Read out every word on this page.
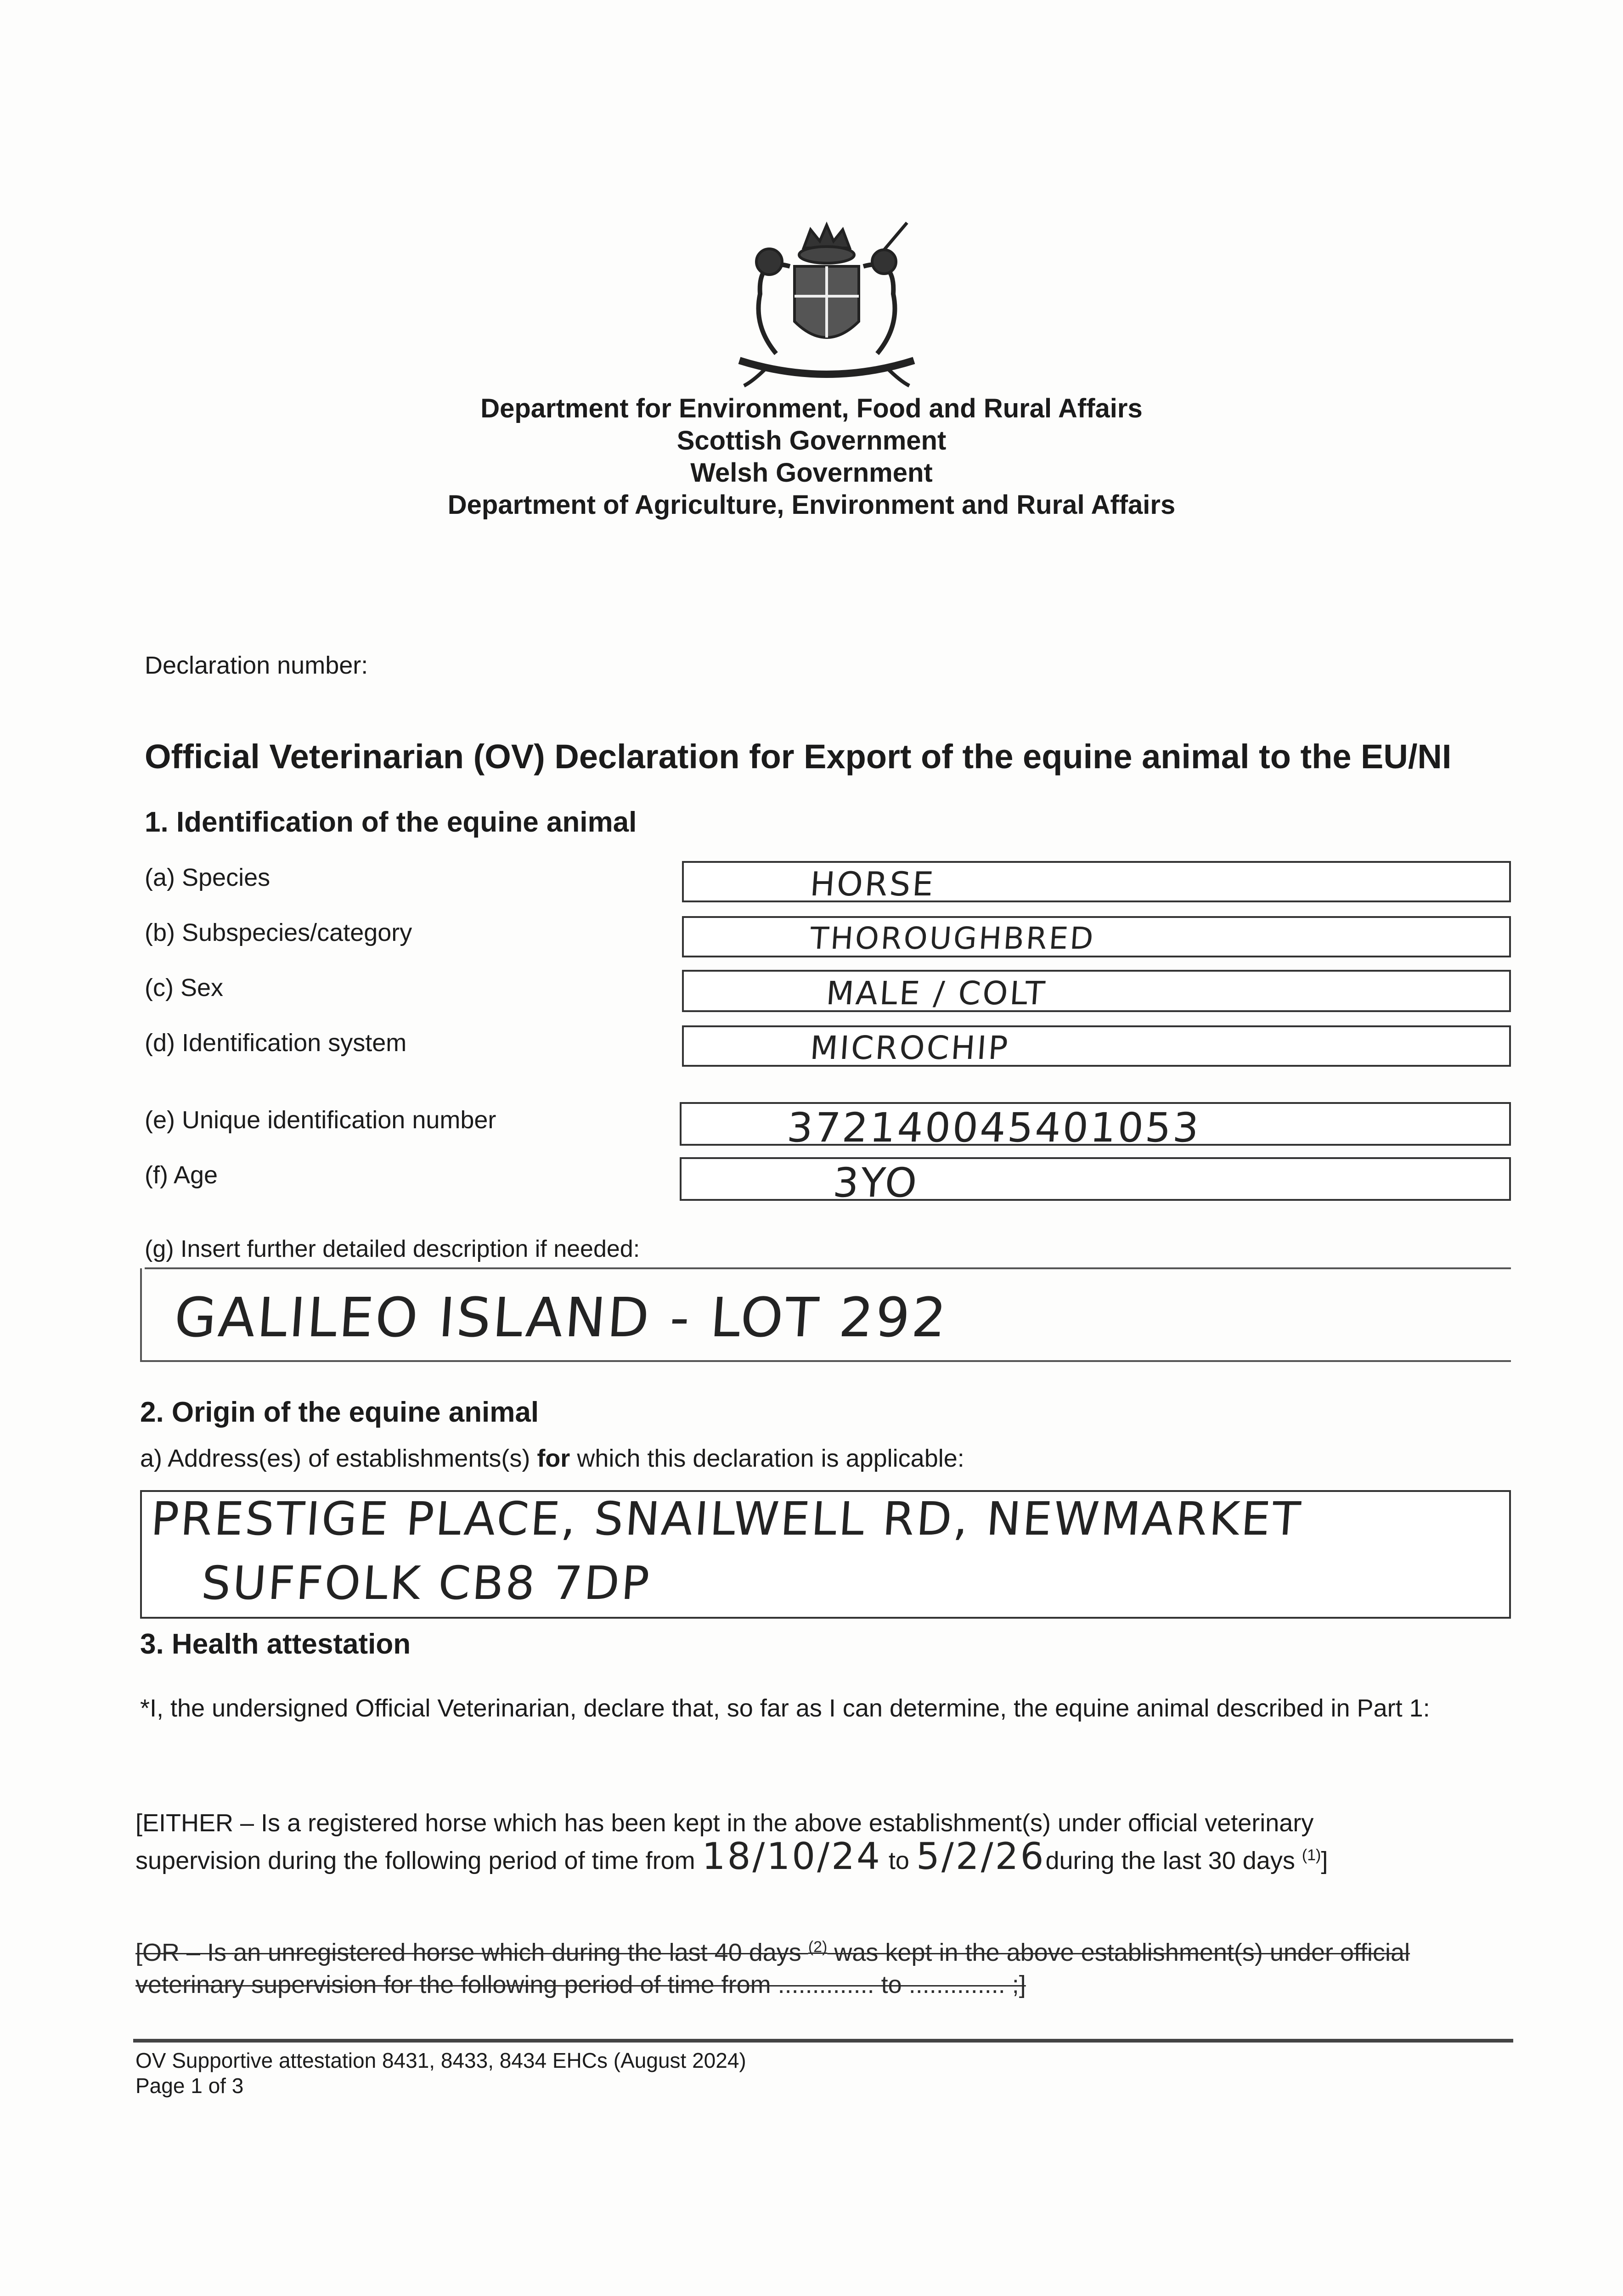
Department for Environment, Food and Rural Affairs
Scottish Government
Welsh Government
Department of Agriculture, Environment and Rural Affairs
Declaration number:
Official Veterinarian (OV) Declaration for Export of the equine animal to the EU/NI
1. Identification of the equine animal
(a) Species	HORSE
(b) Subspecies/category	THOROUGHBRED
(c) Sex	MALE / COLT
(d) Identification system	MICROCHIP
(e) Unique identification number	372140045401053
(f) Age	3YO
(g) Insert further detailed description if needed:
GALILEO ISLAND - LOT 292
2. Origin of the equine animal
a) Address(es) of establishments(s) for which this declaration is applicable:
PRESTIGE PLACE, SNAILWELL RD, NEWMARKET
SUFFOLK CB8 7DP
3. Health attestation
*I, the undersigned Official Veterinarian, declare that, so far as I can determine, the equine animal described in Part 1:
[EITHER – Is a registered horse which has been kept in the above establishment(s) under official veterinary
supervision during the following period of time from 18/10/24 to 5/2/26during the last 30 days $^{(1)}$]
[OR – Is an unregistered horse which during the last 40 days $^{(2)}$ was kept in the above establishment(s) under official
veterinary supervision for the following period of time from .............. to .............. ;]
OV Supportive attestation 8431, 8433, 8434 EHCs (August 2024)
Page 1 of 3
